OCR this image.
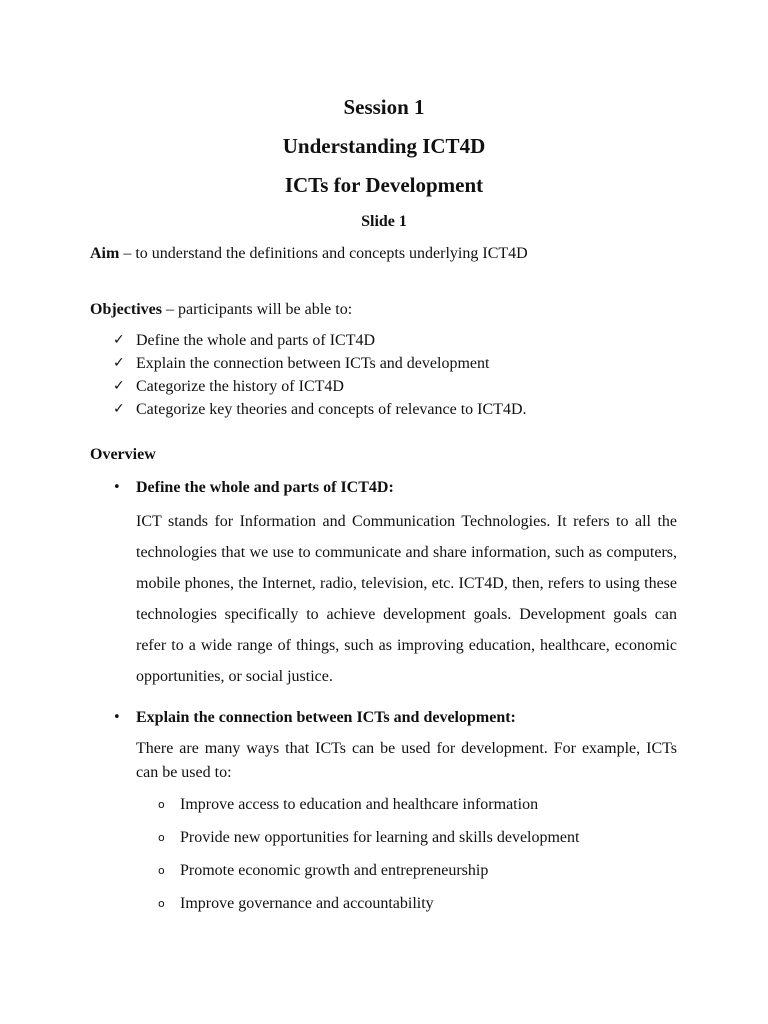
Session 1
Understanding ICT4D
ICTs for Development
Slide 1
Aim – to understand the definitions and concepts underlying ICT4D
Objectives – participants will be able to:
✓ Define the whole and parts of ICT4D
✓ Explain the connection between ICTs and development
✓ Categorize the history of ICT4D
✓ Categorize key theories and concepts of relevance to ICT4D.
Overview
• Define the whole and parts of ICT4D:

ICT stands for Information and Communication Technologies. It refers to all the technologies that we use to communicate and share information, such as computers, mobile phones, the Internet, radio, television, etc. ICT4D, then, refers to using these technologies specifically to achieve development goals. Development goals can refer to a wide range of things, such as improving education, healthcare, economic opportunities, or social justice.

• Explain the connection between ICTs and development:

There are many ways that ICTs can be used for development. For example, ICTs can be used to:

o Improve access to education and healthcare information
o Provide new opportunities for learning and skills development
o Promote economic growth and entrepreneurship
o Improve governance and accountability
